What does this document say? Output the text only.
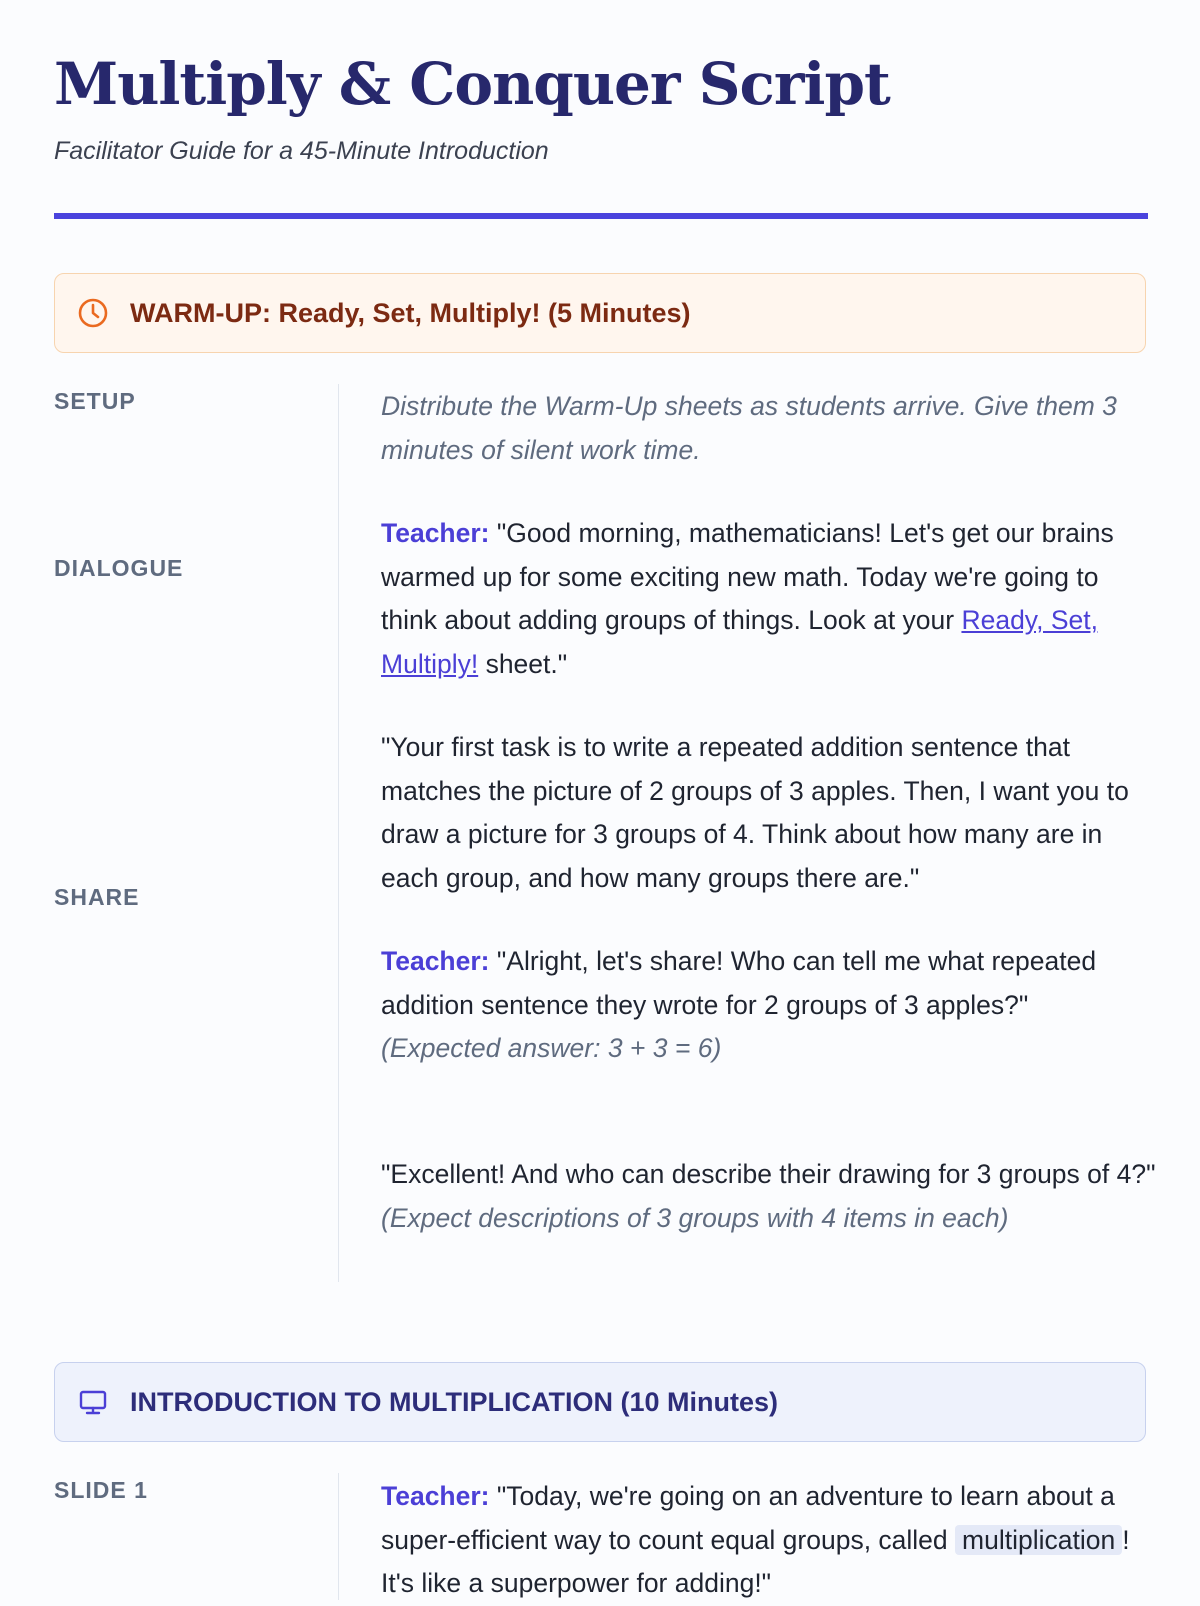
Multiply & Conquer Script

Facilitator Guide for a 45-Minute Introduction

WARM-UP: Ready, Set, Multiply! (5 Minutes)
SETUP
DIALOGUE
SHARE

Distribute the Warm-Up sheets as students arrive. Give them 3 minutes of silent work time.

Teacher: "Good morning, mathematicians! Let's get our brains warmed up for some exciting new math. Today we're going to think about adding groups of things. Look at your Ready, Set, Multiply! sheet."

"Your first task is to write a repeated addition sentence that matches the picture of 2 groups of 3 apples. Then, I want you to draw a picture for 3 groups of 4. Think about how many are in each group, and how many groups there are."

Teacher: "Alright, let's share! Who can tell me what repeated addition sentence they wrote for 2 groups of 3 apples?"
(Expected answer: 3 + 3 = 6)

"Excellent! And who can describe their drawing for 3 groups of 4?"
(Expect descriptions of 3 groups with 4 items in each)

INTRODUCTION TO MULTIPLICATION (10 Minutes)
SLIDE 1	Teacher: "Today, we're going on an adventure to learn about a super-efficient way to count equal groups, called multiplication ! It's like a superpower for adding!"
